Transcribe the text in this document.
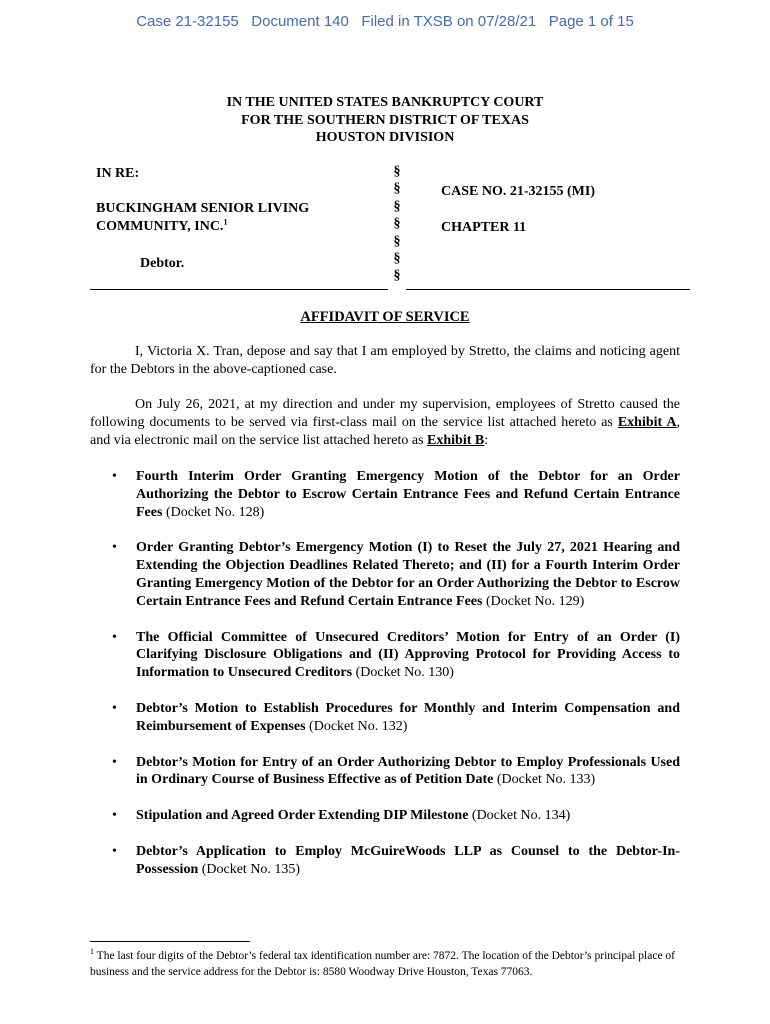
Case 21-32155 Document 140 Filed in TXSB on 07/28/21 Page 1 of 15
IN THE UNITED STATES BANKRUPTCY COURT
FOR THE SOUTHERN DISTRICT OF TEXAS
HOUSTON DIVISION
IN RE:
BUCKINGHAM SENIOR LIVING
COMMUNITY, INC.$^1$
Debtor.
§
§
§
§
§
§
§
CASE NO. 21-32155 (MI)
CHAPTER 11
AFFIDAVIT OF SERVICE
I, Victoria X. Tran, depose and say that I am employed by Stretto, the claims and noticing agent for the Debtors in the above-captioned case.
On July 26, 2021, at my direction and under my supervision, employees of Stretto caused the following documents to be served via first-class mail on the service list attached hereto as Exhibit A, and via electronic mail on the service list attached hereto as Exhibit B:
• Fourth Interim Order Granting Emergency Motion of the Debtor for an Order Authorizing the Debtor to Escrow Certain Entrance Fees and Refund Certain Entrance Fees (Docket No. 128)
• Order Granting Debtor’s Emergency Motion (I) to Reset the July 27, 2021 Hearing and Extending the Objection Deadlines Related Thereto; and (II) for a Fourth Interim Order Granting Emergency Motion of the Debtor for an Order Authorizing the Debtor to Escrow Certain Entrance Fees and Refund Certain Entrance Fees (Docket No. 129)
• The Official Committee of Unsecured Creditors’ Motion for Entry of an Order (I) Clarifying Disclosure Obligations and (II) Approving Protocol for Providing Access to Information to Unsecured Creditors (Docket No. 130)
• Debtor’s Motion to Establish Procedures for Monthly and Interim Compensation and Reimbursement of Expenses (Docket No. 132)
• Debtor’s Motion for Entry of an Order Authorizing Debtor to Employ Professionals Used in Ordinary Course of Business Effective as of Petition Date (Docket No. 133)
• Stipulation and Agreed Order Extending DIP Milestone (Docket No. 134)
• Debtor’s Application to Employ McGuireWoods LLP as Counsel to the Debtor-In-Possession (Docket No. 135)
$^1$ The last four digits of the Debtor’s federal tax identification number are: 7872. The location of the Debtor’s principal place of business and the service address for the Debtor is: 8580 Woodway Drive Houston, Texas 77063.
